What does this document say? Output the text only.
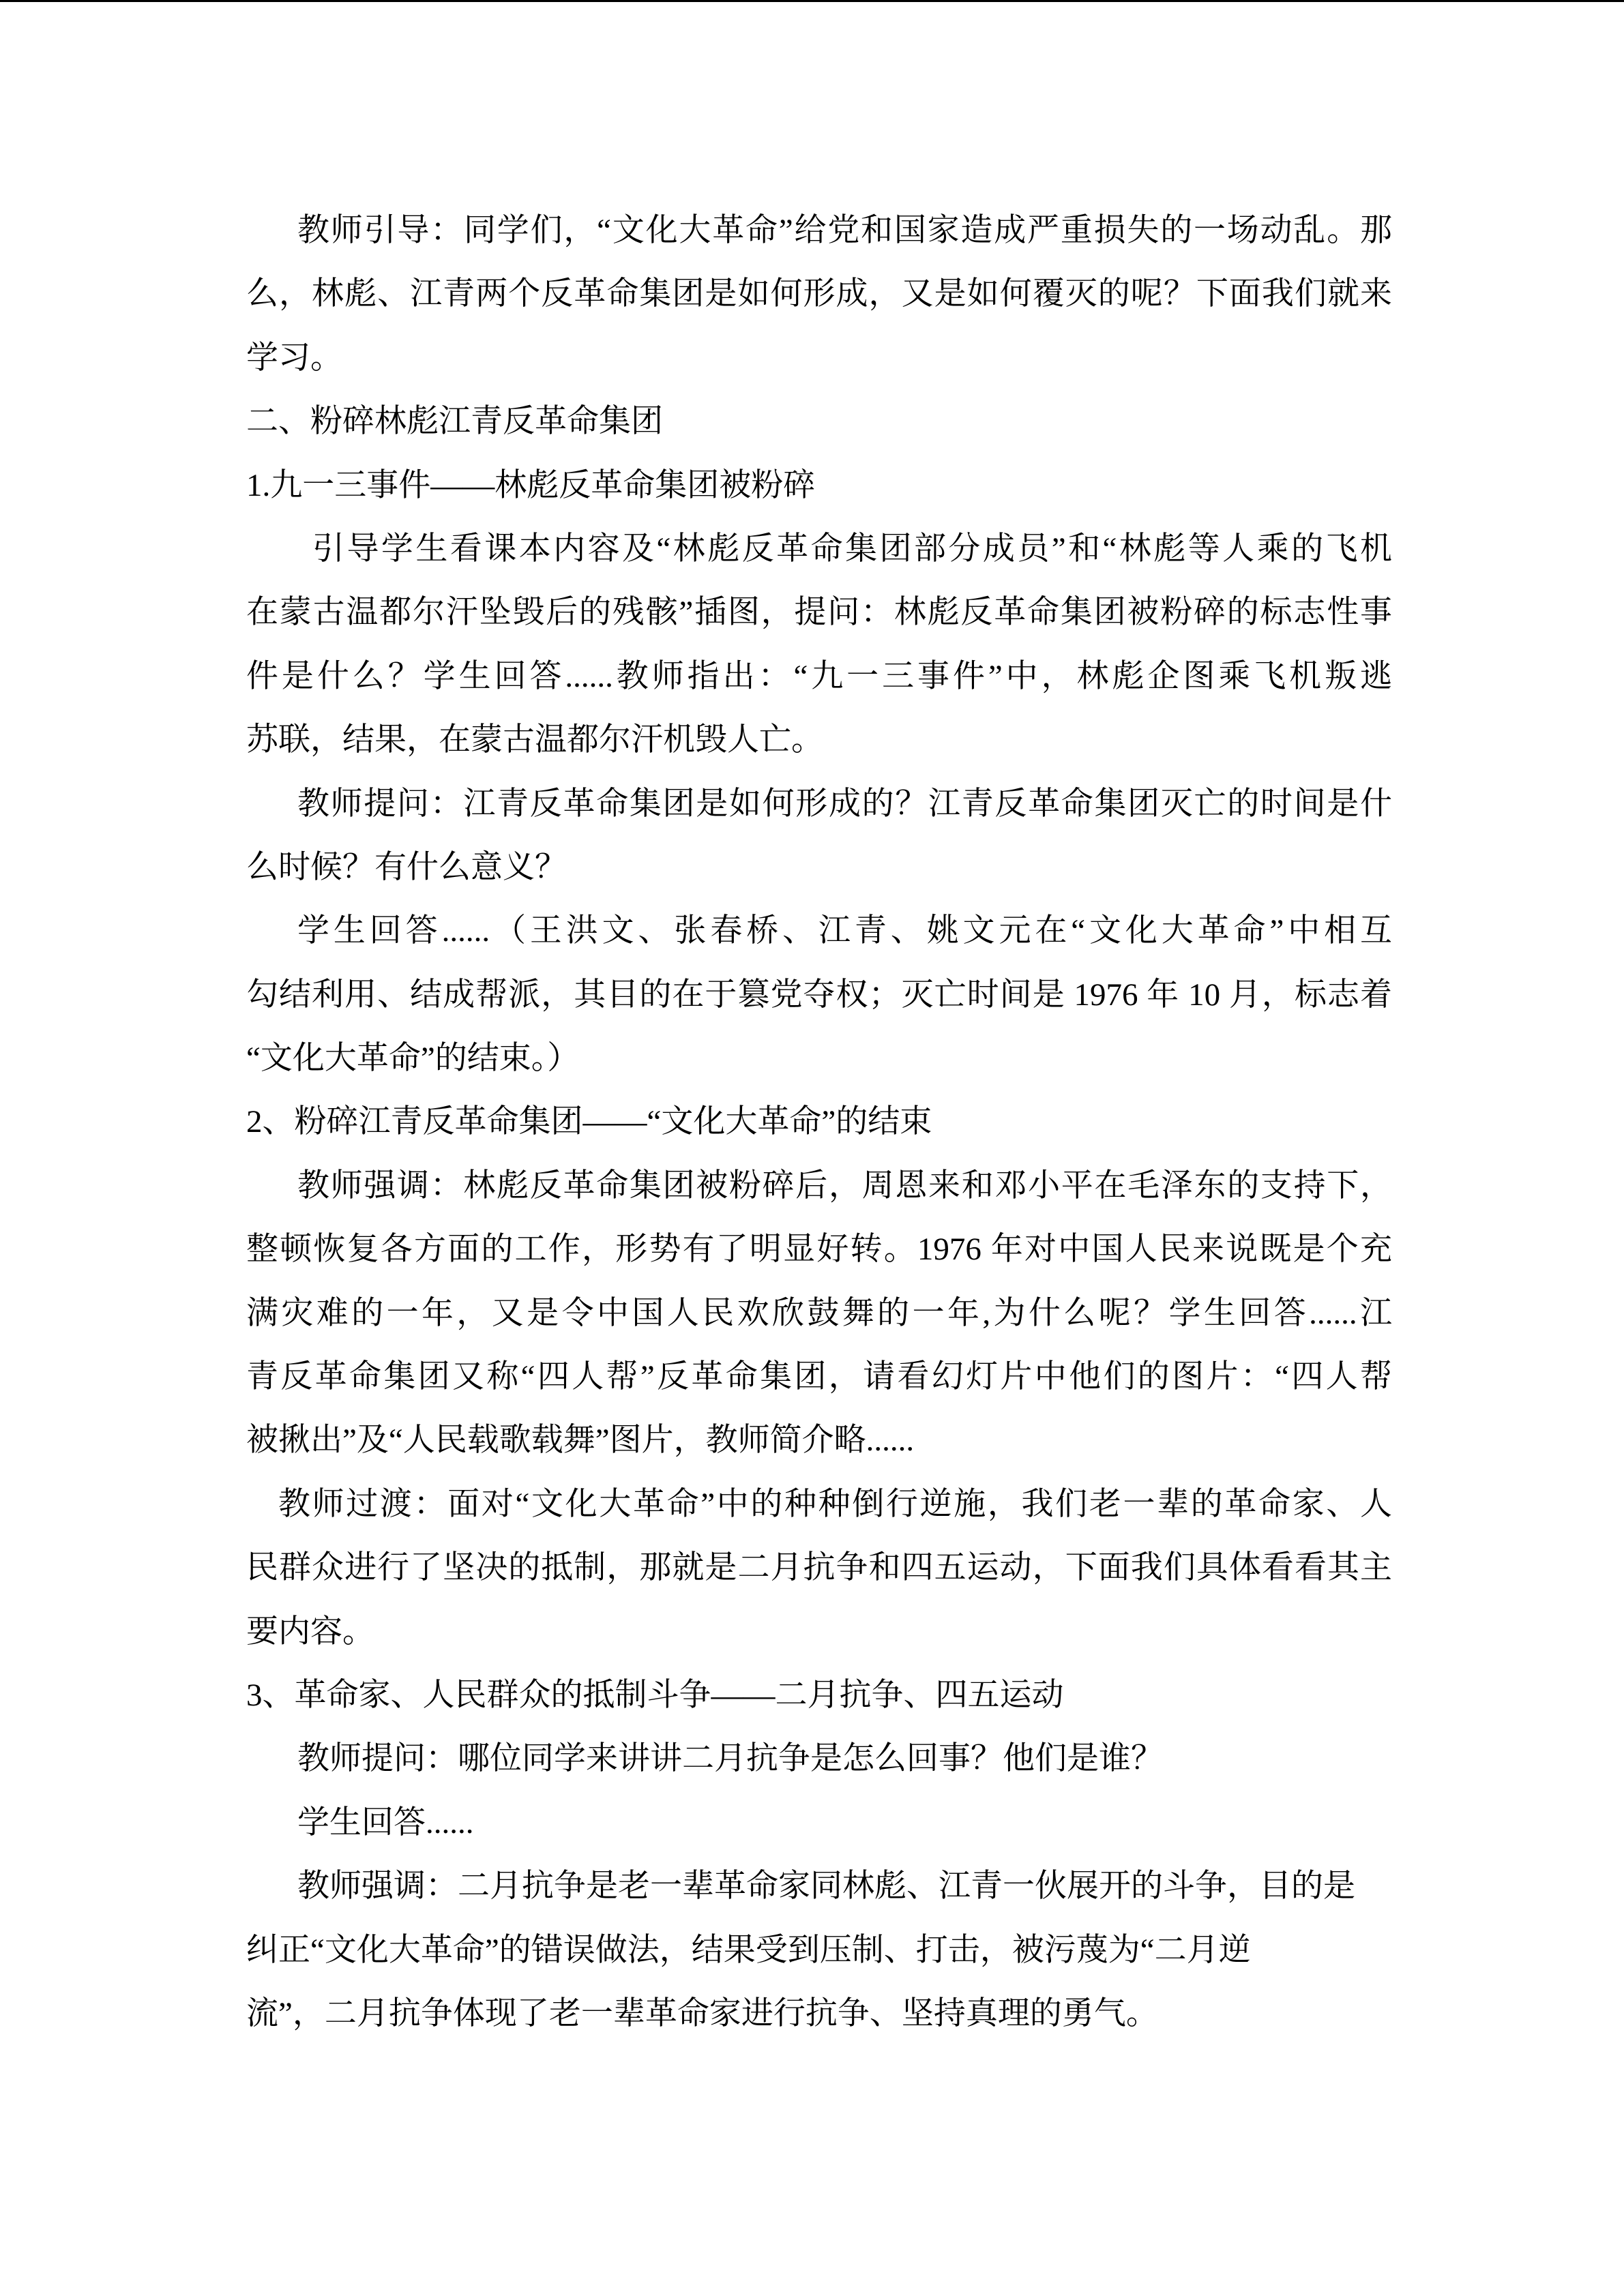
教师引导：同学们，“文化大革命”给党和国家造成严重损失的一场动乱。那
么，林彪、江青两个反革命集团是如何形成，又是如何覆灭的呢？下面我们就来
学习。
二、粉碎林彪江青反革命集团
1.九一三事件——林彪反革命集团被粉碎
引导学生看课本内容及“林彪反革命集团部分成员”和“林彪等人乘的飞机
在蒙古温都尔汗坠毁后的残骸”插图，提问：林彪反革命集团被粉碎的标志性事
件是什么？学生回答......教师指出：“九一三事件”中，林彪企图乘飞机叛逃
苏联，结果，在蒙古温都尔汗机毁人亡。
教师提问：江青反革命集团是如何形成的？江青反革命集团灭亡的时间是什
么时候？有什么意义？
学生回答......（王洪文、张春桥、江青、姚文元在“文化大革命”中相互
勾结利用、结成帮派，其目的在于篡党夺权；灭亡时间是 1976 年 10 月，标志着
“文化大革命”的结束。）
2、粉碎江青反革命集团——“文化大革命”的结束
教师强调：林彪反革命集团被粉碎后，周恩来和邓小平在毛泽东的支持下，
整顿恢复各方面的工作，形势有了明显好转。1976 年对中国人民来说既是个充
满灾难的一年，又是令中国人民欢欣鼓舞的一年,为什么呢？学生回答......江
青反革命集团又称“四人帮”反革命集团，请看幻灯片中他们的图片：“四人帮
被揪出”及“人民载歌载舞”图片，教师简介略......
教师过渡：面对“文化大革命”中的种种倒行逆施，我们老一辈的革命家、人
民群众进行了坚决的抵制，那就是二月抗争和四五运动，下面我们具体看看其主
要内容。
3、革命家、人民群众的抵制斗争——二月抗争、四五运动
教师提问：哪位同学来讲讲二月抗争是怎么回事？他们是谁？
学生回答......
教师强调：二月抗争是老一辈革命家同林彪、江青一伙展开的斗争，目的是
纠正“文化大革命”的错误做法，结果受到压制、打击，被污蔑为“二月逆
流”，二月抗争体现了老一辈革命家进行抗争、坚持真理的勇气。
